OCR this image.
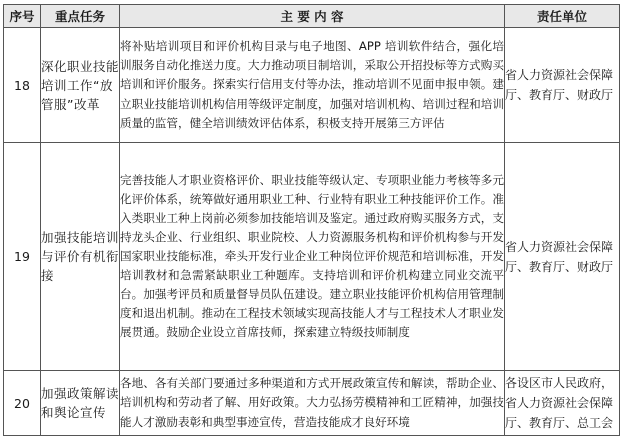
序号	重点任务	主 要 内 容	责任单位
18	深化职业技能培训工作“放管服”改革	将补贴培训项目和评价机构目录与电子地图、APP 培训软件结合，强化培训服务自动化推送力度。大力推动项目制培训，采取公开招投标等方式购买培训和评价服务。探索实行信用支付等办法，推动培训不见面申报申领。建立职业技能培训机构信用等级评定制度，加强对培训机构、培训过程和培训质量的监管，健全培训绩效评估体系，积极支持开展第三方评估	省人力资源社会保障厅、教育厅、财政厅
19	加强技能培训与评价有机衔接	完善技能人才职业资格评价、职业技能等级认定、专项职业能力考核等多元化评价体系，统筹做好通用职业工种、行业特有职业工种技能评价工作。准入类职业工种上岗前必须参加技能培训及鉴定。通过政府购买服务方式，支持龙头企业、行业组织、职业院校、人力资源服务机构和评价机构参与开发国家职业技能标准，牵头开发行业企业工种岗位评价规范和培训标准，开发培训教材和急需紧缺职业工种题库。支持培训和评价机构建立同业交流平台。加强考评员和质量督导员队伍建设。建立职业技能评价机构信用管理制度和退出机制。推动在工程技术领域实现高技能人才与工程技术人才职业发展贯通。鼓励企业设立首席技师，探索建立特级技师制度	省人力资源社会保障厅、教育厅、财政厅
20	加强政策解读和舆论宣传	各地、各有关部门要通过多种渠道和方式开展政策宣传和解读，帮助企业、培训机构和劳动者了解、用好政策。大力弘扬劳模精神和工匠精神，加强技能人才激励表彰和典型事迹宣传，营造技能成才良好环境	各设区市人民政府，省人力资源社会保障厅、教育厅、总工会
